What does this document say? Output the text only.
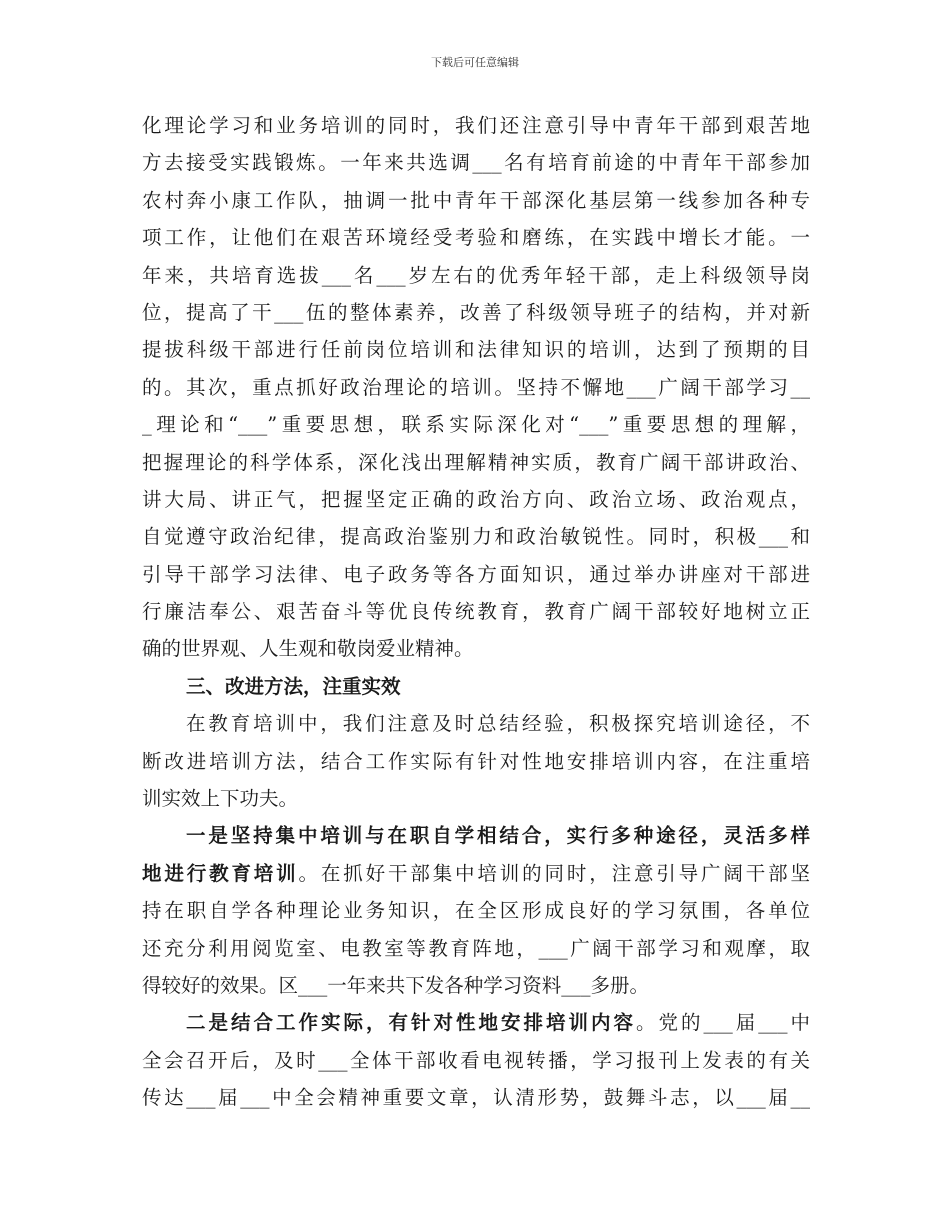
下载后可任意编辑
化理论学习和业务培训的同时，我们还注意引导中青年干部到艰苦地
方去接受实践锻炼。一年来共选调___名有培育前途的中青年干部参加
农村奔小康工作队，抽调一批中青年干部深化基层第一线参加各种专
项工作，让他们在艰苦环境经受考验和磨练，在实践中增长才能。一
年来，共培育选拔___名___岁左右的优秀年轻干部，走上科级领导岗
位，提高了干___伍的整体素养，改善了科级领导班子的结构，并对新
提拔科级干部进行任前岗位培训和法律知识的培训，达到了预期的目
的。其次，重点抓好政治理论的培训。坚持不懈地___广阔干部学习__
_理论和“___”重要思想，联系实际深化对“___”重要思想的理解，
把握理论的科学体系，深化浅出理解精神实质，教育广阔干部讲政治、
讲大局、讲正气，把握坚定正确的政治方向、政治立场、政治观点，
自觉遵守政治纪律，提高政治鉴别力和政治敏锐性。同时，积极___和
引导干部学习法律、电子政务等各方面知识，通过举办讲座对干部进
行廉洁奉公、艰苦奋斗等优良传统教育，教育广阔干部较好地树立正
确的世界观、人生观和敬岗爱业精神。
三、改进方法，注重实效
在教育培训中，我们注意及时总结经验，积极探究培训途径，不
断改进培训方法，结合工作实际有针对性地安排培训内容，在注重培
训实效上下功夫。
一是坚持集中培训与在职自学相结合，实行多种途径，灵活多样
地进行教育培训。在抓好干部集中培训的同时，注意引导广阔干部坚
持在职自学各种理论业务知识，在全区形成良好的学习氛围，各单位
还充分利用阅览室、电教室等教育阵地，___广阔干部学习和观摩，取
得较好的效果。区___一年来共下发各种学习资料___多册。
二是结合工作实际，有针对性地安排培训内容。党的___届___中
全会召开后，及时___全体干部收看电视转播，学习报刊上发表的有关
传达___届___中全会精神重要文章，认清形势，鼓舞斗志，以___届__
